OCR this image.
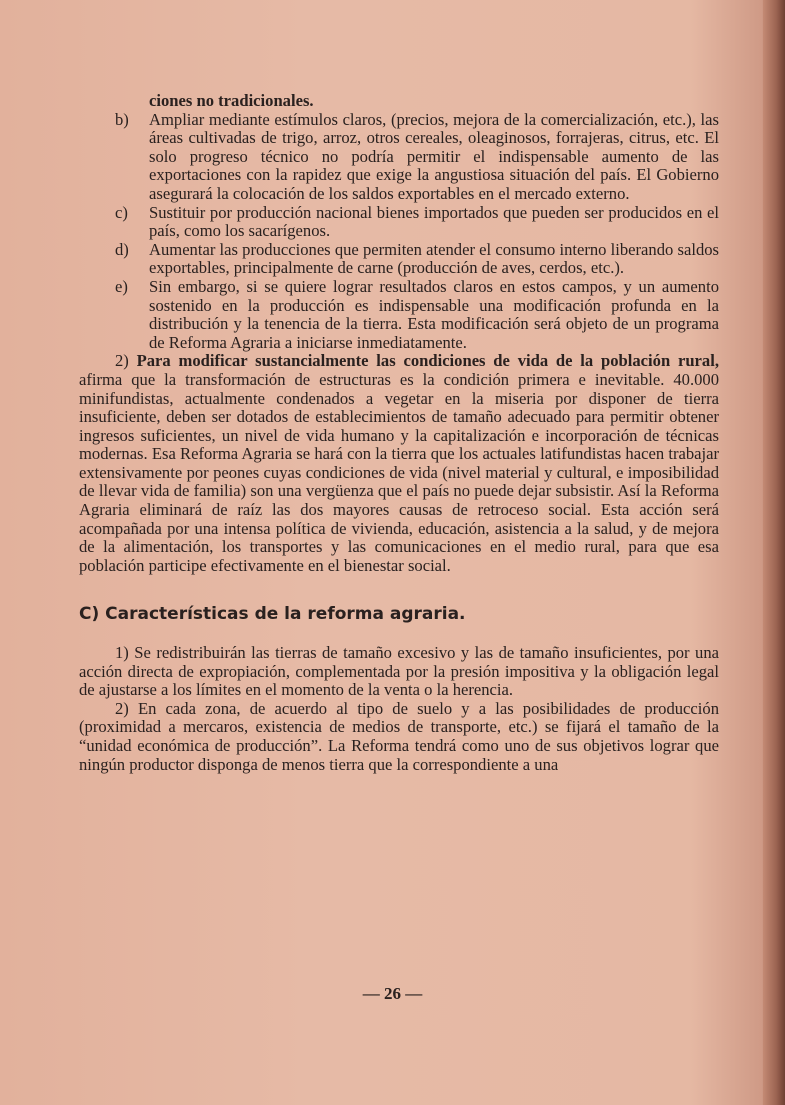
ciones no tradicionales.
b)	Ampliar mediante estímulos claros, (precios, mejora de la comercialización, etc.), las áreas cultivadas de trigo, arroz, otros cereales, oleaginosos, forrajeras, citrus, etc. El solo progreso técnico no podría permitir el indispensable aumento de las exportaciones con la rapidez que exige la angustiosa situación del país. El Gobierno asegurará la colocación de los saldos exportables en el mercado externo.
c)	Sustituir por producción nacional bienes importados que pueden ser producidos en el país, como los sacarígenos.
d)	Aumentar las producciones que permiten atender el consumo interno liberando saldos exportables, principalmente de carne (producción de aves, cerdos, etc.).
e)	Sin embargo, si se quiere lograr resultados claros en estos campos, y un aumento sostenido en la producción es indispensable una modificación profunda en la distribución y la tenencia de la tierra. Esta modificación será objeto de un programa de Reforma Agraria a iniciarse inmediatamente.

2) Para modificar sustancialmente las condiciones de vida de la población rural, afirma que la transformación de estructuras es la condición primera e inevitable. 40.000 minifundistas, actualmente condenados a vegetar en la miseria por disponer de tierra insuficiente, deben ser dotados de establecimientos de tamaño adecuado para permitir obtener ingresos suficientes, un nivel de vida humano y la capitalización e incorporación de técnicas modernas. Esa Reforma Agraria se hará con la tierra que los actuales latifundistas hacen trabajar extensivamente por peones cuyas condiciones de vida (nivel material y cultural, e imposibilidad de llevar vida de familia) son una vergüenza que el país no puede dejar subsistir. Así la Reforma Agraria eliminará de raíz las dos mayores causas de retroceso social. Esta acción será acompañada por una intensa política de vivienda, educación, asistencia a la salud, y de mejora de la alimentación, los transportes y las comunicaciones en el medio rural, para que esa población participe efectivamente en el bienestar social.

C) Características de la reforma agraria.

1) Se redistribuirán las tierras de tamaño excesivo y las de tamaño insuficientes, por una acción directa de expropiación, complementada por la presión impositiva y la obligación legal de ajustarse a los límites en el momento de la venta o la herencia.

2) En cada zona, de acuerdo al tipo de suelo y a las posibilidades de producción (proximidad a mercaros, existencia de medios de transporte, etc.) se fijará el tamaño de la “unidad económica de producción”. La Reforma tendrá como uno de sus objetivos lograr que ningún productor disponga de menos tierra que la correspondiente a una

— 26 —
